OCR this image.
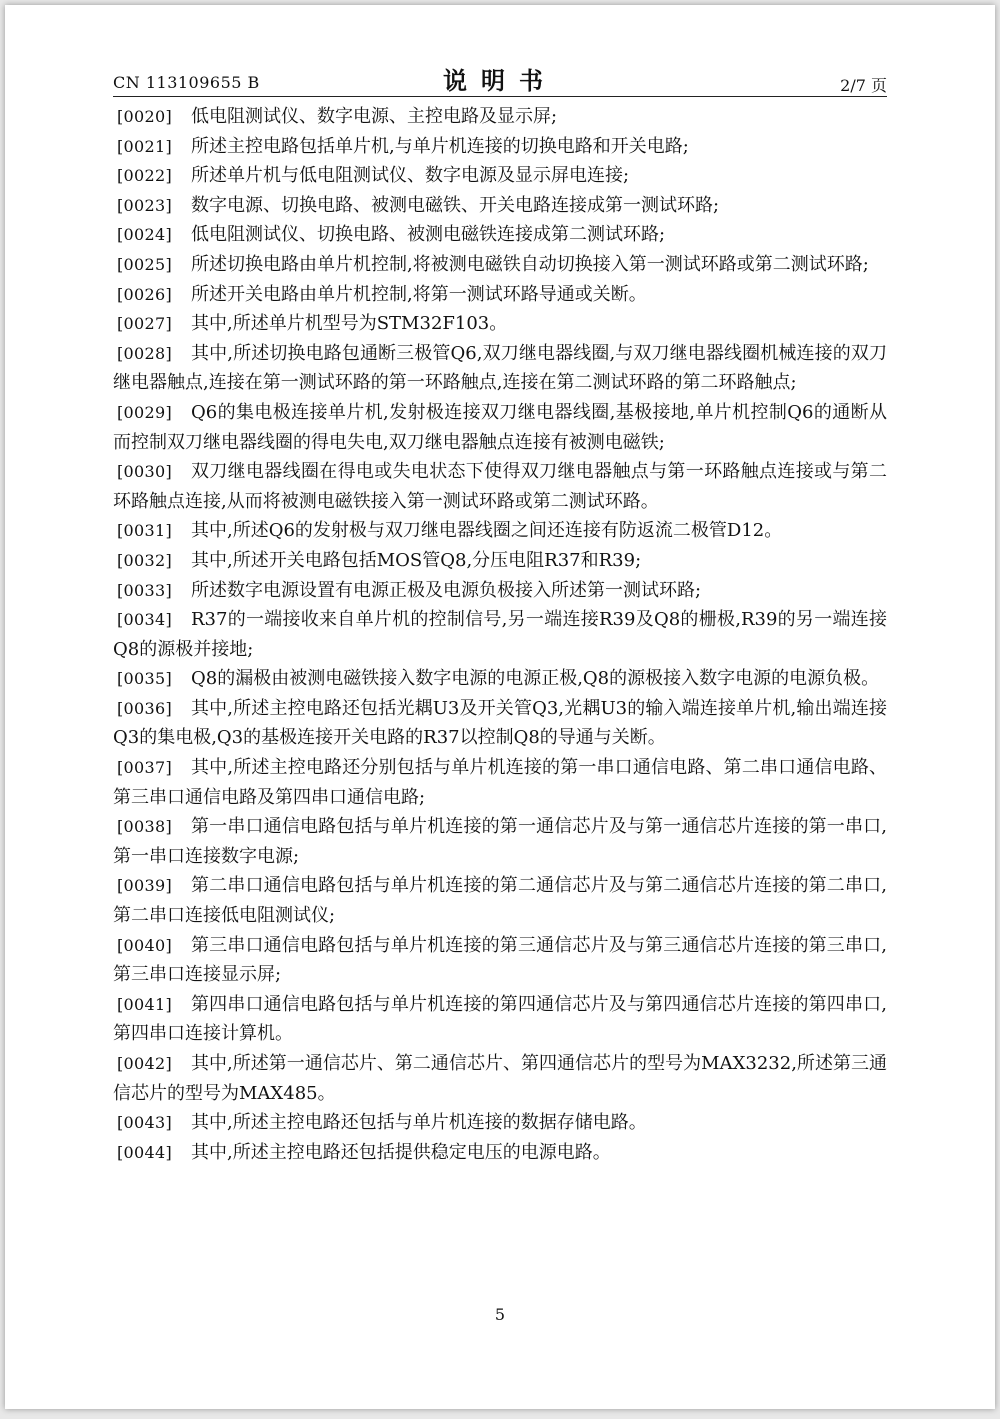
CN 113109655 B	说明书	2/7 页
[0020] 低电阻测试仪、数字电源、主控电路及显示屏;
[0021] 所述主控电路包括单片机,与单片机连接的切换电路和开关电路;
[0022] 所述单片机与低电阻测试仪、数字电源及显示屏电连接;
[0023] 数字电源、切换电路、被测电磁铁、开关电路连接成第一测试环路;
[0024] 低电阻测试仪、切换电路、被测电磁铁连接成第二测试环路;
[0025] 所述切换电路由单片机控制,将被测电磁铁自动切换接入第一测试环路或第二测试环路;
[0026] 所述开关电路由单片机控制,将第一测试环路导通或关断。
[0027] 其中,所述单片机型号为STM32F103。
[0028] 其中,所述切换电路包通断三极管Q6,双刀继电器线圈,与双刀继电器线圈机械连接的双刀继电器触点,连接在第一测试环路的第一环路触点,连接在第二测试环路的第二环路触点;
[0029] Q6的集电极连接单片机,发射极连接双刀继电器线圈,基极接地,单片机控制Q6的通断从而控制双刀继电器线圈的得电失电,双刀继电器触点连接有被测电磁铁;
[0030] 双刀继电器线圈在得电或失电状态下使得双刀继电器触点与第一环路触点连接或与第二环路触点连接,从而将被测电磁铁接入第一测试环路或第二测试环路。
[0031] 其中,所述Q6的发射极与双刀继电器线圈之间还连接有防返流二极管D12。
[0032] 其中,所述开关电路包括MOS管Q8,分压电阻R37和R39;
[0033] 所述数字电源设置有电源正极及电源负极接入所述第一测试环路;
[0034] R37的一端接收来自单片机的控制信号,另一端连接R39及Q8的栅极,R39的另一端连接Q8的源极并接地;
[0035] Q8的漏极由被测电磁铁接入数字电源的电源正极,Q8的源极接入数字电源的电源负极。
[0036] 其中,所述主控电路还包括光耦U3及开关管Q3,光耦U3的输入端连接单片机,输出端连接Q3的集电极,Q3的基极连接开关电路的R37以控制Q8的导通与关断。
[0037] 其中,所述主控电路还分别包括与单片机连接的第一串口通信电路、第二串口通信电路、第三串口通信电路及第四串口通信电路;
[0038] 第一串口通信电路包括与单片机连接的第一通信芯片及与第一通信芯片连接的第一串口,第一串口连接数字电源;
[0039] 第二串口通信电路包括与单片机连接的第二通信芯片及与第二通信芯片连接的第二串口,第二串口连接低电阻测试仪;
[0040] 第三串口通信电路包括与单片机连接的第三通信芯片及与第三通信芯片连接的第三串口,第三串口连接显示屏;
[0041] 第四串口通信电路包括与单片机连接的第四通信芯片及与第四通信芯片连接的第四串口,第四串口连接计算机。
[0042] 其中,所述第一通信芯片、第二通信芯片、第四通信芯片的型号为MAX3232,所述第三通信芯片的型号为MAX485。
[0043] 其中,所述主控电路还包括与单片机连接的数据存储电路。
[0044] 其中,所述主控电路还包括提供稳定电压的电源电路。
5
